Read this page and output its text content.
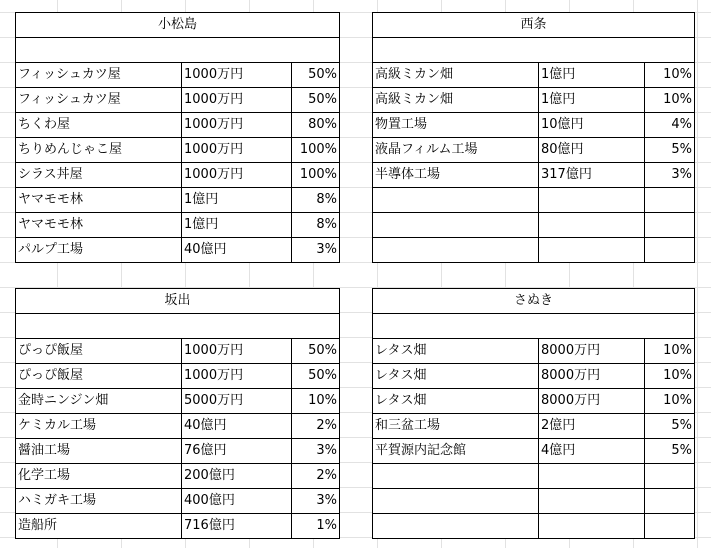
小松島		

フィッシュカツ屋	1000万円	50%
フィッシュカツ屋	1000万円	50%
ちくわ屋	1000万円	80%
ちりめんじゃこ屋	1000万円	100%
シラス丼屋	1000万円	100%
ヤマモモ林	1億円	8%
ヤマモモ林	1億円	8%
パルプ工場	40億円	3%
西条		

高級ミカン畑	1億円	10%
高級ミカン畑	1億円	10%
物置工場	10億円	4%
液晶フィルム工場	80億円	5%
半導体工場	317億円	3%

坂出		

ぴっぴ飯屋	1000万円	50%
ぴっぴ飯屋	1000万円	50%
金時ニンジン畑	5000万円	10%
ケミカル工場	40億円	2%
醤油工場	76億円	3%
化学工場	200億円	2%
ハミガキ工場	400億円	3%
造船所	716億円	1%
さぬき		

レタス畑	8000万円	10%
レタス畑	8000万円	10%
レタス畑	8000万円	10%
和三盆工場	2億円	5%
平賀源内記念館	4億円	5%
